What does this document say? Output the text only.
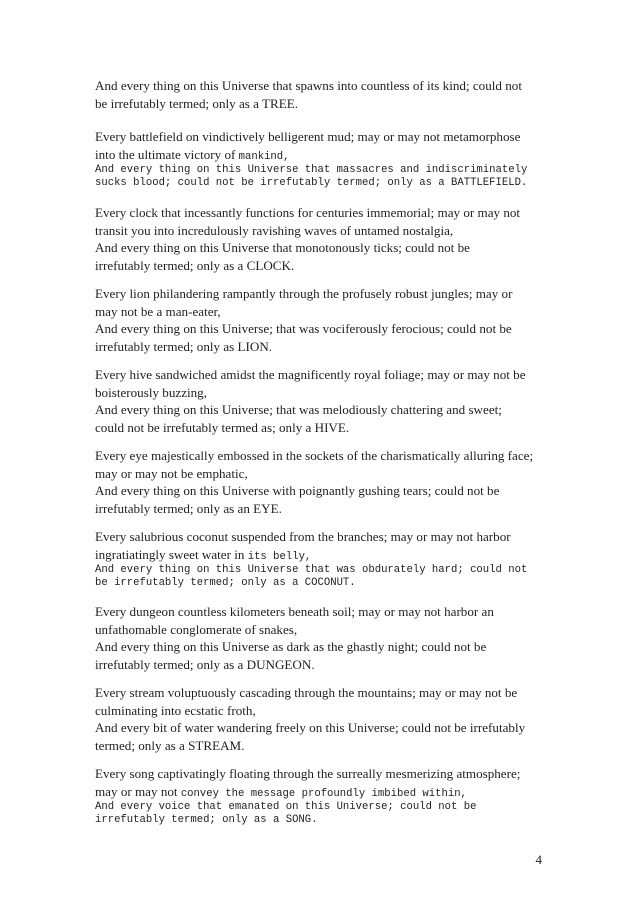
And every thing on this Universe that spawns into countless of its kind; could not
be irrefutably termed; only as a TREE.
Every battlefield on vindictively belligerent mud; may or may not metamorphose
into the ultimate victory of mankind,
And every thing on this Universe that massacres and indiscriminately
sucks blood; could not be irrefutably termed; only as a BATTLEFIELD.
Every clock that incessantly functions for centuries immemorial; may or may not
transit you into incredulously ravishing waves of untamed nostalgia,
And every thing on this Universe that monotonously ticks; could not be
irrefutably termed; only as a CLOCK.
Every lion philandering rampantly through the profusely robust jungles; may or
may not be a man-eater,
And every thing on this Universe; that was vociferously ferocious; could not be
irrefutably termed; only as LION.
Every hive sandwiched amidst the magnificently royal foliage; may or may not be
boisterously buzzing,
And every thing on this Universe; that was melodiously chattering and sweet;
could not be irrefutably termed as; only a HIVE.
Every eye majestically embossed in the sockets of the charismatically alluring face;
may or may not be emphatic,
And every thing on this Universe with poignantly gushing tears; could not be
irrefutably termed; only as an EYE.
Every salubrious coconut suspended from the branches; may or may not harbor
ingratiatingly sweet water in its belly,
And every thing on this Universe that was obdurately hard; could not
be irrefutably termed; only as a COCONUT.
Every dungeon countless kilometers beneath soil; may or may not harbor an
unfathomable conglomerate of snakes,
And every thing on this Universe as dark as the ghastly night; could not be
irrefutably termed; only as a DUNGEON.
Every stream voluptuously cascading through the mountains; may or may not be
culminating into ecstatic froth,
And every bit of water wandering freely on this Universe; could not be irrefutably
termed; only as a STREAM.
Every song captivatingly floating through the surreally mesmerizing atmosphere;
may or may not convey the message profoundly imbibed within,
And every voice that emanated on this Universe; could not be
irrefutably termed; only as a SONG.
4
